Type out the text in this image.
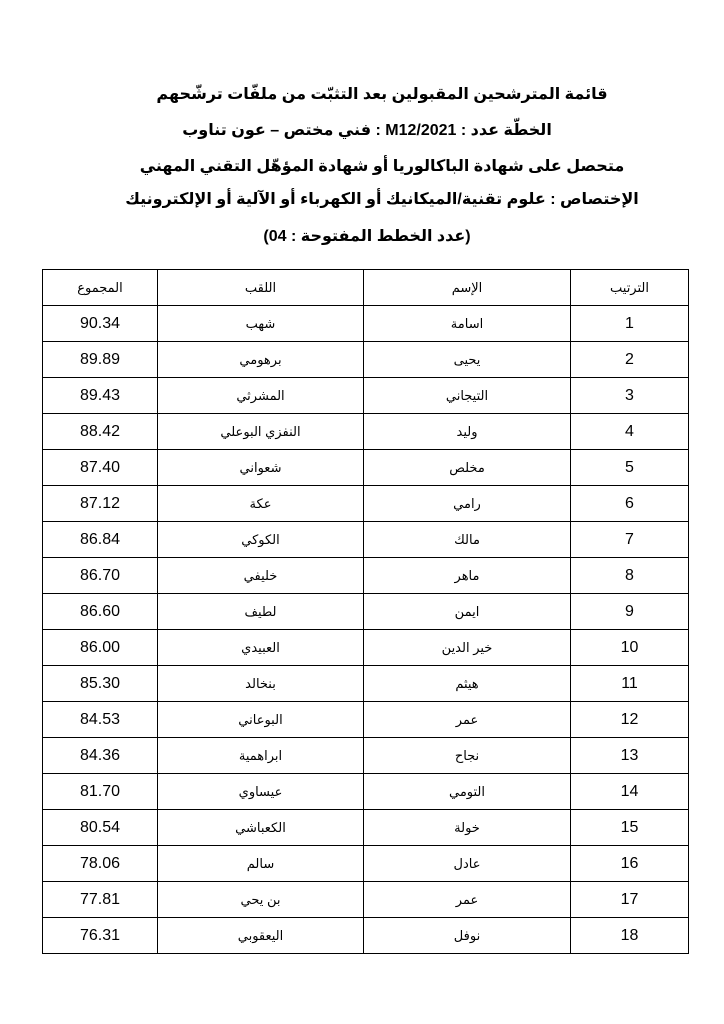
قائمة المترشحين المقبولين بعد التثبّت من ملفّات ترشّحهم
الخطّة عدد : M12/2021 : فني مختص – عون تناوب
متحصل على شهادة الباكالوريا أو شهادة المؤهّل التقني المهني
الإختصاص : علوم تقنية/الميكانيك أو الكهرباء أو الآلية أو الإلكترونيك
(عدد الخطط المفتوحة : 04)
الترتيب	الإسم	اللقب	المجموع
1	اسامة	شهب	90.34
2	يحيى	برهومي	89.89
3	التيجاني	المشرثي	89.43
4	وليد	النفزي البوعلي	88.42
5	مخلص	شعواني	87.40
6	رامي	عكة	87.12
7	مالك	الكوكي	86.84
8	ماهر	خليفي	86.70
9	ايمن	لطيف	86.60
10	خير الدين	العبيدي	86.00
11	هيثم	بنخالد	85.30
12	عمر	البوعاني	84.53
13	نجاح	ابراهمية	84.36
14	التومي	عيساوي	81.70
15	خولة	الكعباشي	80.54
16	عادل	سالم	78.06
17	عمر	بن يحي	77.81
18	نوفل	اليعقوبي	76.31
